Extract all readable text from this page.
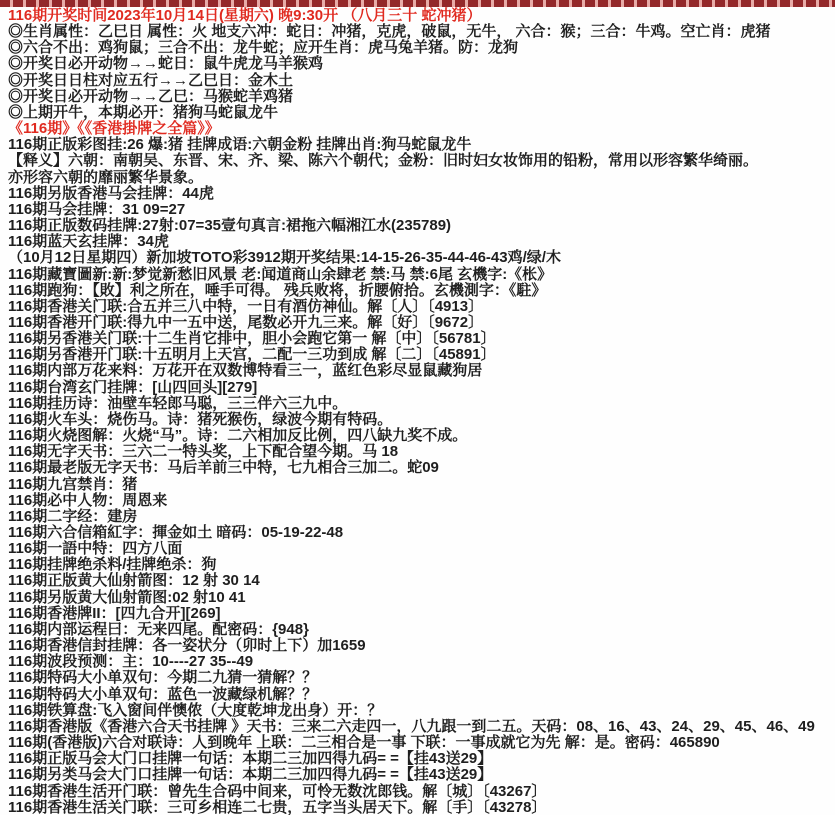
116期开奖时间2023年10月14日(星期六) 晚9:30开 （八月三十 蛇冲猪）
◎生肖属性：乙巳日 属性：火 地支六冲：蛇日：冲猪，克虎，破鼠，无牛， 六合：猴；三合：牛鸡。空亡肖：虎猪
◎六合不出：鸡狗鼠；三合不出：龙牛蛇；应开生肖：虎马兔羊猪。防：龙狗
◎开奖日必开动物→→蛇日：鼠牛虎龙马羊猴鸡
◎开奖日日柱对应五行→→乙巳日：金木土
◎开奖日必开动物→→乙巳：马猴蛇羊鸡猪
◎上期开牛，本期必开：猪狗马蛇鼠龙牛
《116期》《《香港掛牌之全篇》》
116期正版彩图挂:26 爆:猪 挂牌成语:六朝金粉 挂牌出肖:狗马蛇鼠龙牛
【释义】六朝：南朝吴、东晋、宋、齐、梁、陈六个朝代；金粉：旧时妇女妆饰用的铅粉，常用以形容繁华绮丽。
亦形容六朝的靡丽繁华景象。
116期另版香港马会挂牌：44虎
116期马会挂牌：31 09=27
116期正版数码挂牌:27射:07=35壹句真言:裙拖六幅湘江水(235789)
116期蓝天玄挂牌：34虎
（10月12日星期四）新加坡TOTO彩3912期开奖结果:14-15-26-35-44-46-43鸡/绿/木
116期藏寶圖新:新:梦觉新愁旧风景 老:闻道商山余肆老 禁:马 禁:6尾 玄機字:《枨》
116期跑狗：【敗】利之所在，唾手可得。 残兵败将，折腰俯拾。玄機測字：《駐》
116期香港关门联:合五并三八中特，一日有酒仿神仙。解〔人〕〔4913〕
116期香港开门联:得九中一五中送，尾数必开九三来。解〔好〕〔9672〕
116期另香港关门联:十二生肖它排中，胆小会跑它第一 解〔中〕〔56781〕
116期另香港开门联:十五明月上天宫，二配一三功到成 解〔二〕〔45891〕
116期内部万花来料：万花开在双数博特看三一，蓝红色彩尽显鼠藏狗居
116期台湾玄门挂牌：[山四回头][279]
116期挂历诗：油壁车轻郎马聪，三三伴六三九中。
116期火车头：烧伤马。诗：猪死猴伤，绿波今期有特码。
116期火烧图解：火烧“马”。诗：二六相加反比例，四八缺九奖不成。
116期无字天书：三六二一特头奖，上下配合望今期。马 18
116期最老版无字天书：马后羊前三中特，七九相合三加二。蛇09
116期九宫禁肖：猪
116期必中人物：周恩来
116期二字经：建房
116期六合信箱紅字：揮金如土 暗码：05-19-22-48
116期一語中特：四方八面
116期挂牌绝杀料/挂牌绝杀：狗
116期正版黄大仙射箭图：12 射 30 14
116期另版黄大仙射箭图:02 射10 41
116期香港牌II：[四九合开][269]
116期内部运程曰：无来四尾。配密码：{948}
116期香港信封挂牌：各一姿状分（卯时上下）加1659
116期波段预测：主：10----27 35--49
116期特码大小单双句：今期二九猜一猜解？？
116期特码大小单双句：蓝色一波藏绿机解？？
116期铁算盘:飞入窗间伴懊侬（大度乾坤龙出身）开：？
116期香港版《香港六合天书挂牌 》天书：三来二六走四一，八九跟一到二五。天码：08、16、43、24、29、45、46、49
116期(香港版)六合对联诗：人到晚年 上联：二三相合是一事 下联：一事成就它为先 解：是。密码：465890
116期正版马会大门口挂牌一句话：本期二三加四得九码= =【挂43送29】
116期另类马会大门口挂牌一句话：本期二三加四得九码= =【挂43送29】
116期香港生活开门联：曾先生合码中间来，可怜无数沈郎钱。解〔城〕〔43267〕
116期香港生活关门联：三可乡相连二七贵，五字当头居天下。解〔手〕〔43278〕
